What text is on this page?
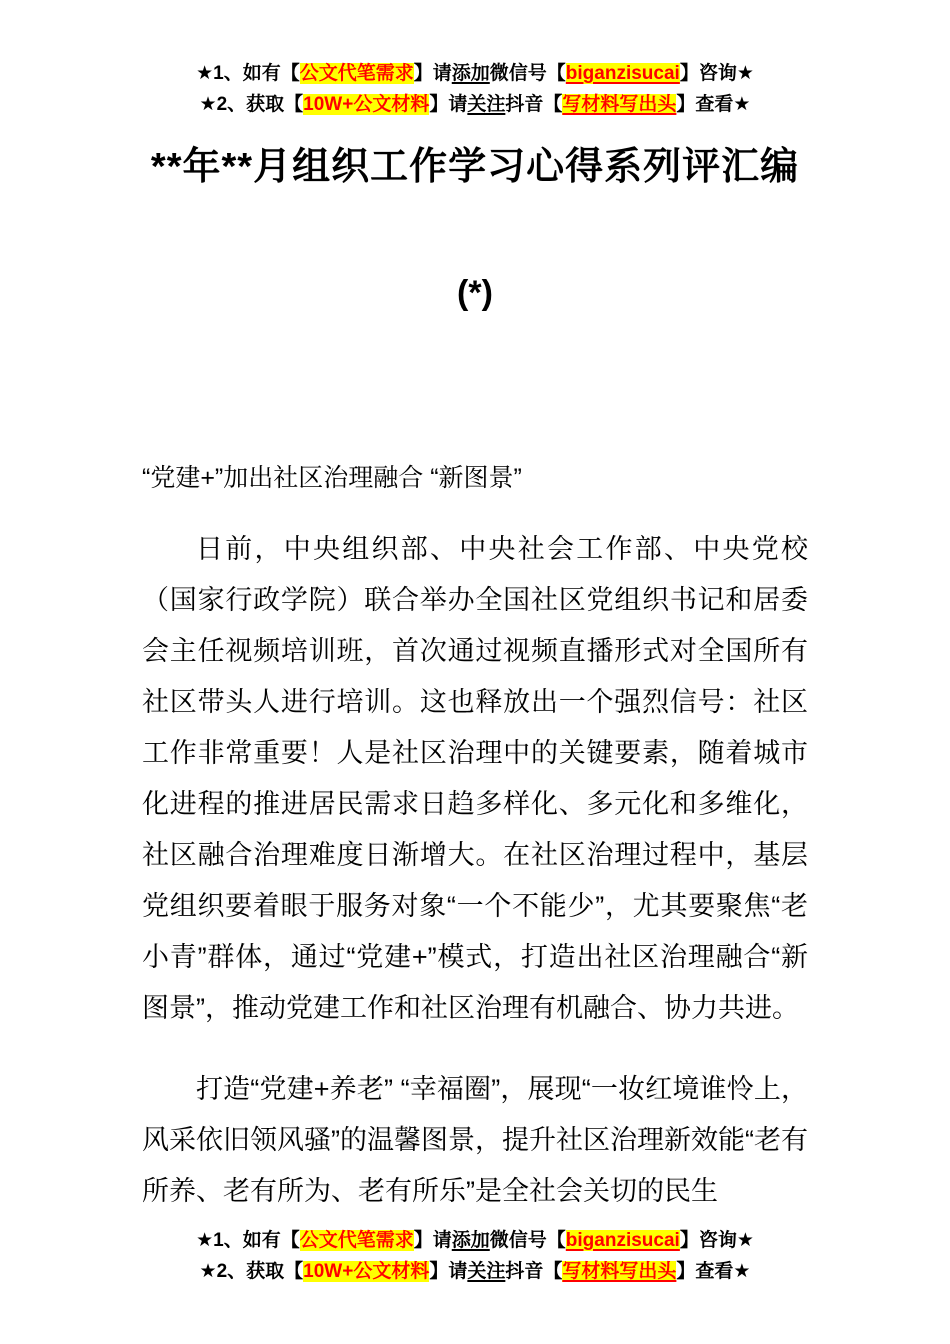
★1、如有【公文代笔需求】请添加微信号【biganzisucai】咨询★
★2、获取【10W+公文材料】请关注抖音【写材料写出头】查看★
**年**月组织工作学习心得系列评汇编
(*)
“党建+”加出社区治理融合 “新图景”

日前，中央组织部、中央社会工作部、中央党校（国家行政学院）联合举办全国社区党组织书记和居委会主任视频培训班，首次通过视频直播形式对全国所有社区带头人进行培训。这也释放出一个强烈信号：社区工作非常重要！人是社区治理中的关键要素，随着城市化进程的推进居民需求日趋多样化、多元化和多维化，社区融合治理难度日渐增大。在社区治理过程中，基层党组织要着眼于服务对象“一个不能少”，尤其要聚焦“老小青”群体，通过“党建+”模式，打造出社区治理融合“新图景”，推动党建工作和社区治理有机融合、协力共进。

打造“党建+养老” “幸福圈”，展现“一妆红境谁怜上，风采依旧领风骚”的温馨图景，提升社区治理新效能“老有所养、老有所为、老有所乐”是全社会关切的民生

★1、如有【公文代笔需求】请添加微信号【biganzisucai】咨询★
★2、获取【10W+公文材料】请关注抖音【写材料写出头】查看★
